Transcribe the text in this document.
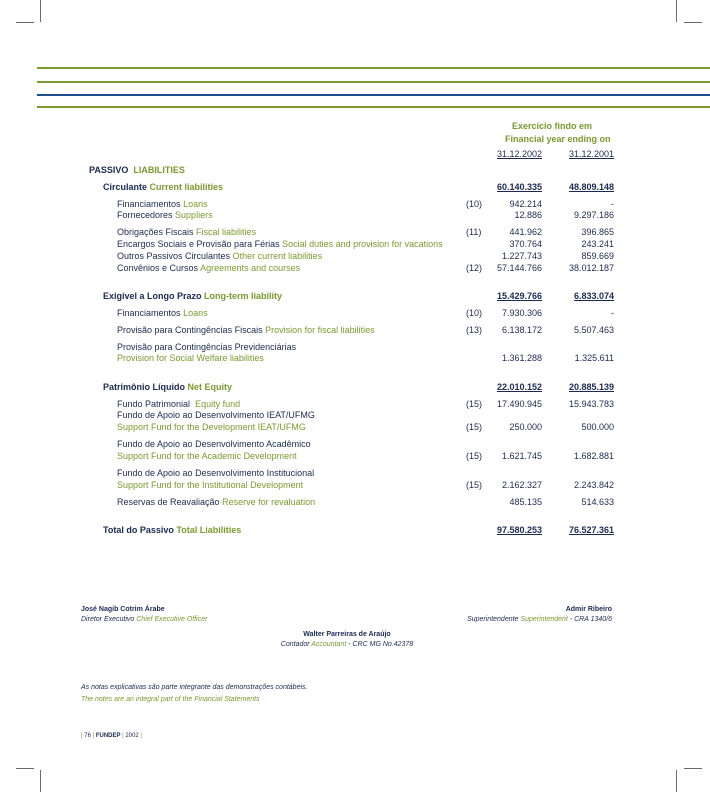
Exercício findo em
Financial year ending on
31.12.2002	31.12.2001
PASSIVO LIABILITIES
Circulante Current liabilities	60.140.335	48.809.148
Financiamentos Loans	(10)	942.214	-
Fornecedores Suppliers	12.886	9.297.186
Obrigações Fiscais Fiscal liabilities	(11)	441.962	396.865
Encargos Sociais e Provisão para Férias Social duties and provision for vacations	370.764	243.241
Outros Passivos Circulantes Other current liabilities	1.227.743	859.669
Convênios e Cursos Agreements and courses	(12) 57.144.766	38.012.187
Exigível a Longo Prazo Long-term liability	15.429.766	6.833.074
Financiamentos Loans	(10) 7.930.306	-
Provisão para Contingências Fiscais Provision for fiscal liabilities	(13) 6.138.172	5.507.463
Provisão para Contingências Previdenciárias
Provision for Social Welfare liabilities	1.361.288	1.325.611
Patrimônio Líquido Net Equity	22.010.152	20.885.139
Fundo Patrimonial Equity fund	(15) 17.490.945	15.943.783
Fundo de Apoio ao Desenvolvimento IEAT/UFMG
Support Fund for the Development IEAT/UFMG	(15)	250.000	500.000
Fundo de Apoio ao Desenvolvimento Acadêmico
Support Fund for the Academic Development	(15) 1.621.745	1.682.881
Fundo de Apoio ao Desenvolvimento Institucional
Support Fund for the Institutional Development	(15) 2.162.327	2.243.842
Reservas de Reavaliação Reserve for revaluation	485.135	514.633
Total do Passivo Total Liabilities	97.580.253	76.527.361
José Nagib Cotrim Árabe
Diretor Executivo Chief Executive Officer
Admir Ribeiro
Superintendente Superintendent - CRA 1340/6
Walter Parreiras de Araújo
Contador Accountant - CRC MG No.42378
As notas explicativas são parte integrante das demonstrações contábeis.
The notes are an integral part of the Financial Statements
| 76 | FUNDEP | 2002 |
